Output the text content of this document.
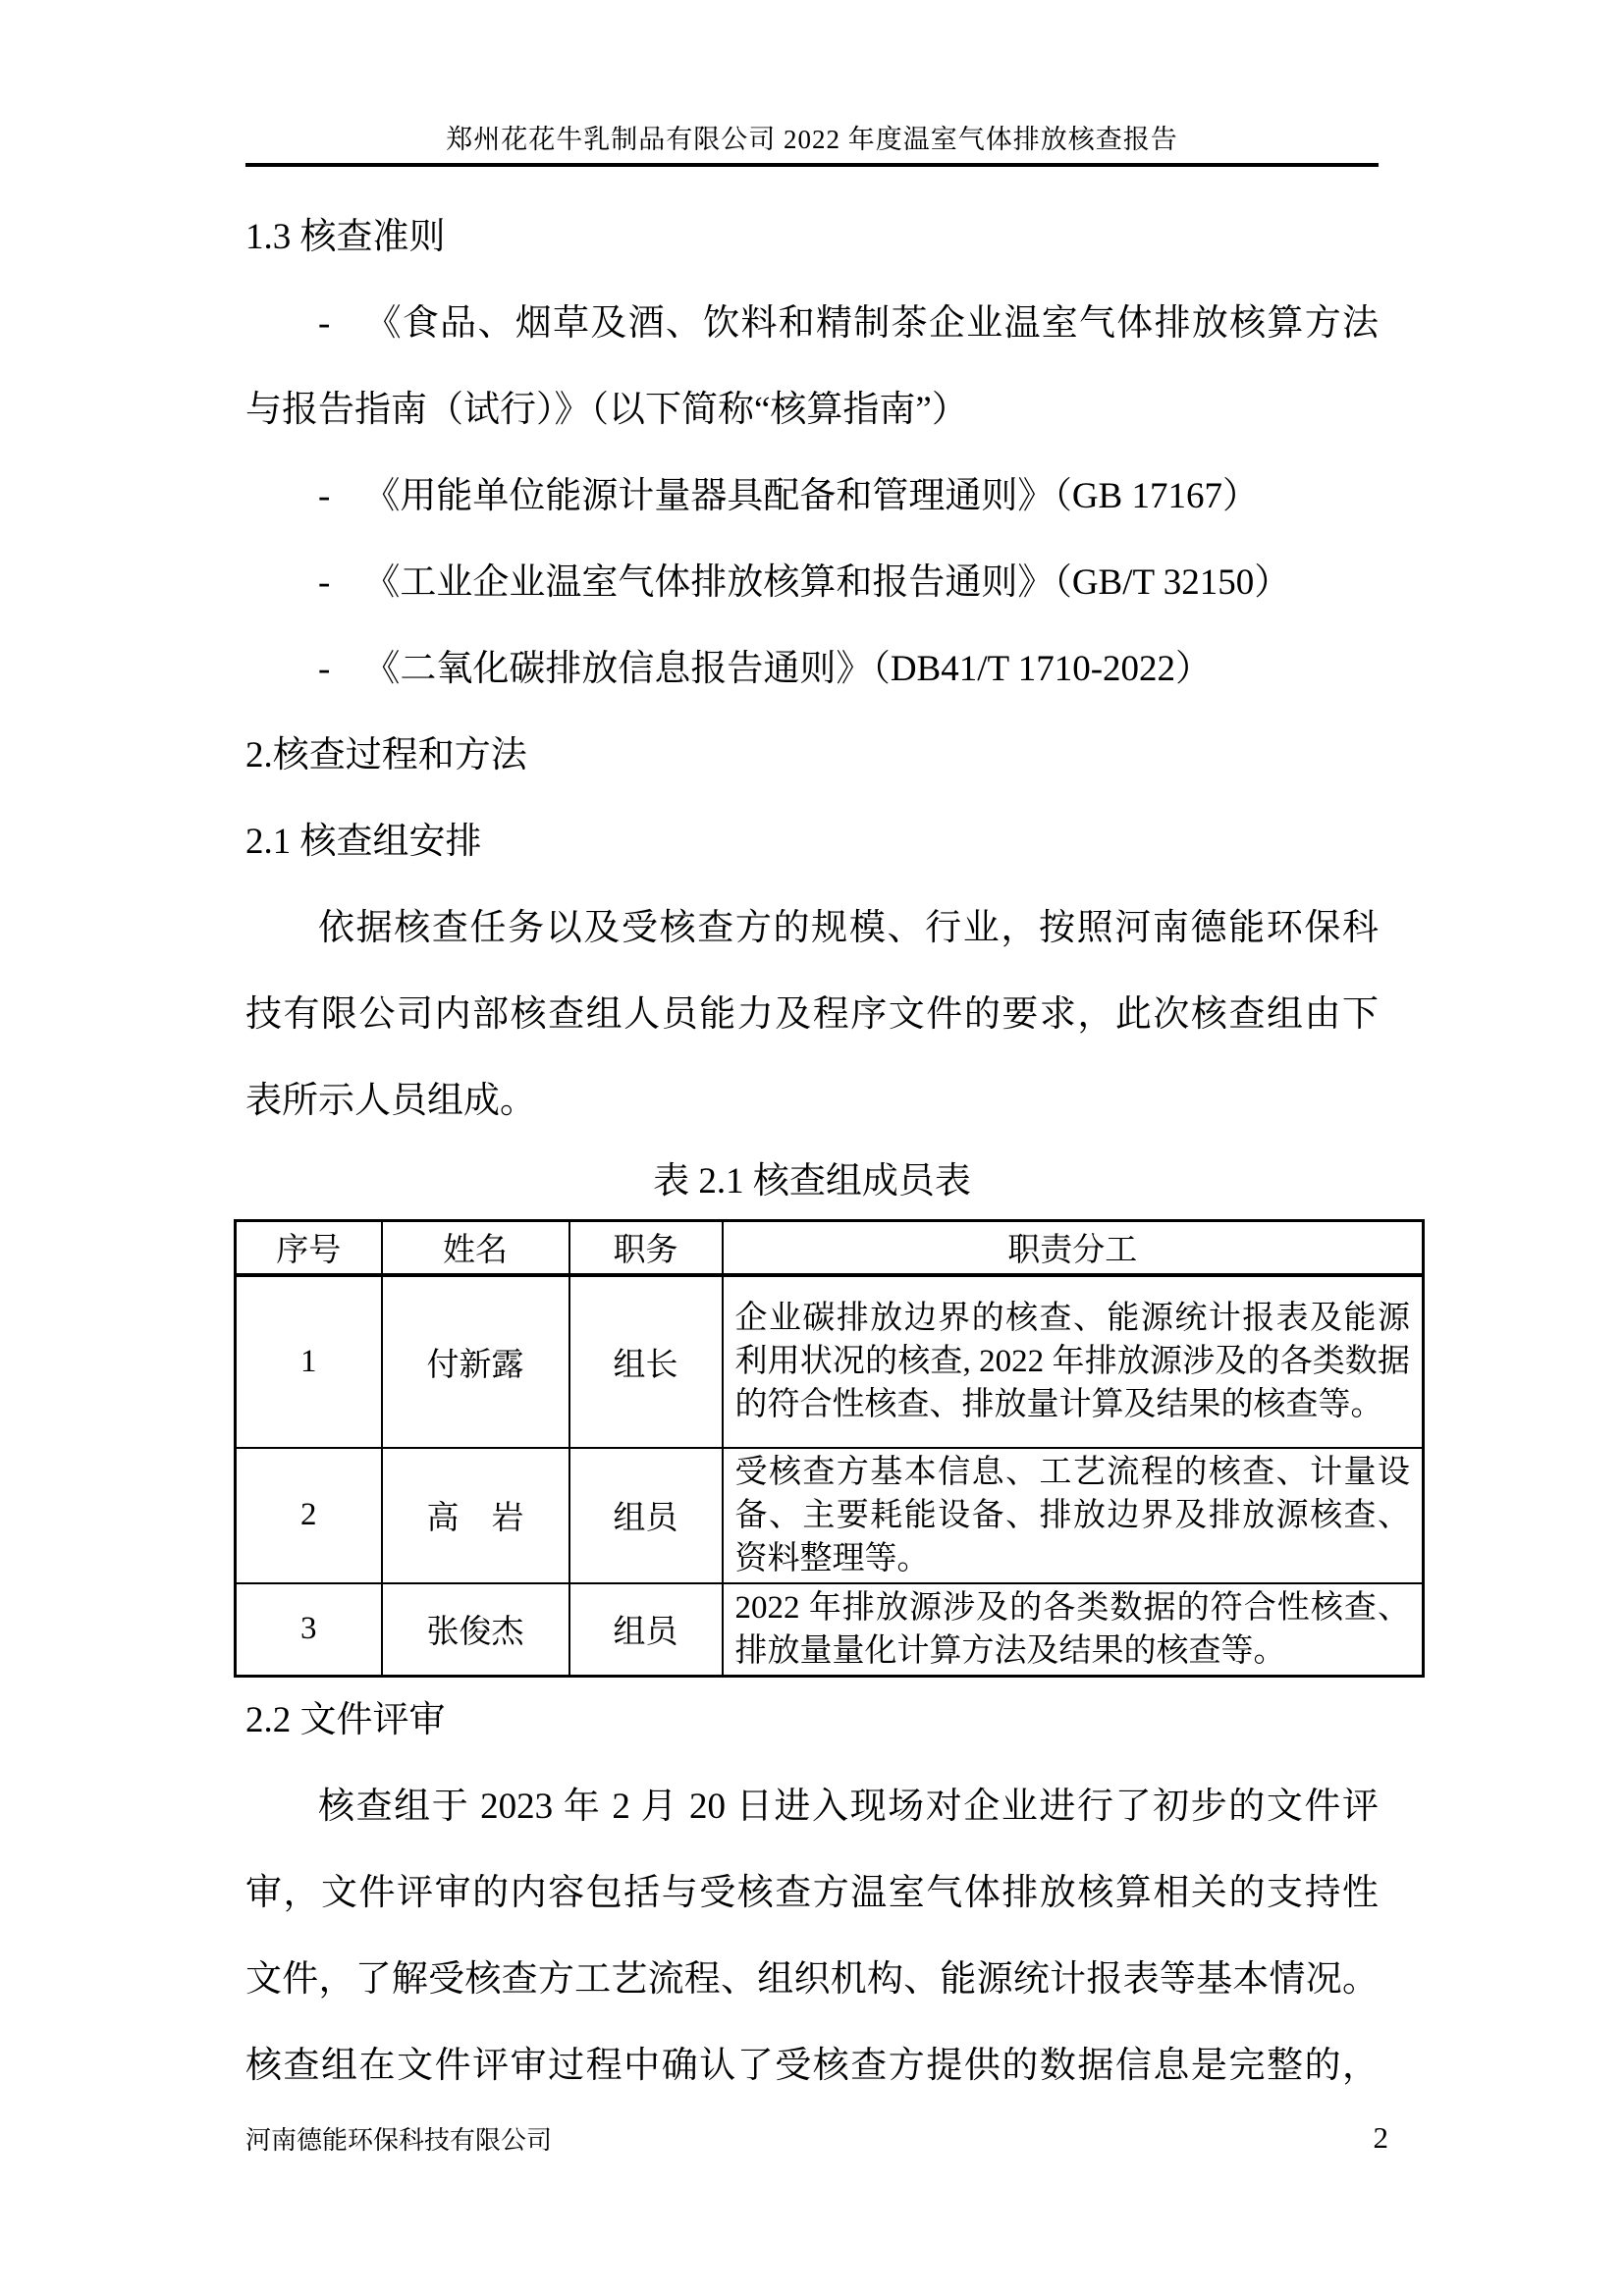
郑州花花牛乳制品有限公司 2022 年度温室气体排放核查报告
1.3 核查准则
- 《食品、烟草及酒、饮料和精制茶企业温室气体排放核算方法
与报告指南（试行）》（以下简称“核算指南”）
- 《用能单位能源计量器具配备和管理通则》（GB 17167）
- 《工业企业温室气体排放核算和报告通则》（GB/T 32150）
- 《二氧化碳排放信息报告通则》（DB41/T 1710-2022）
2.核查过程和方法
2.1 核查组安排
依据核查任务以及受核查方的规模、行业，按照河南德能环保科
技有限公司内部核查组人员能力及程序文件的要求，此次核查组由下
表所示人员组成。
表 2.1 核查组成员表
序号	姓名	职务	职责分工
1	付新露	组长	企业碳排放边界的核查、能源统计报表及能源利用状况的核查, 2022 年排放源涉及的各类数据的符合性核查、排放量计算及结果的核查等。
2	高　岩	组员	受核查方基本信息、工艺流程的核查、计量设备、主要耗能设备、排放边界及排放源核查、资料整理等。
3	张俊杰	组员	2022 年排放源涉及的各类数据的符合性核查、排放量量化计算方法及结果的核查等。
2.2 文件评审
核查组于 2023 年 2 月 20 日进入现场对企业进行了初步的文件评
审，文件评审的内容包括与受核查方温室气体排放核算相关的支持性
文件，了解受核查方工艺流程、组织机构、能源统计报表等基本情况。
核查组在文件评审过程中确认了受核查方提供的数据信息是完整的，
河南德能环保科技有限公司	2
